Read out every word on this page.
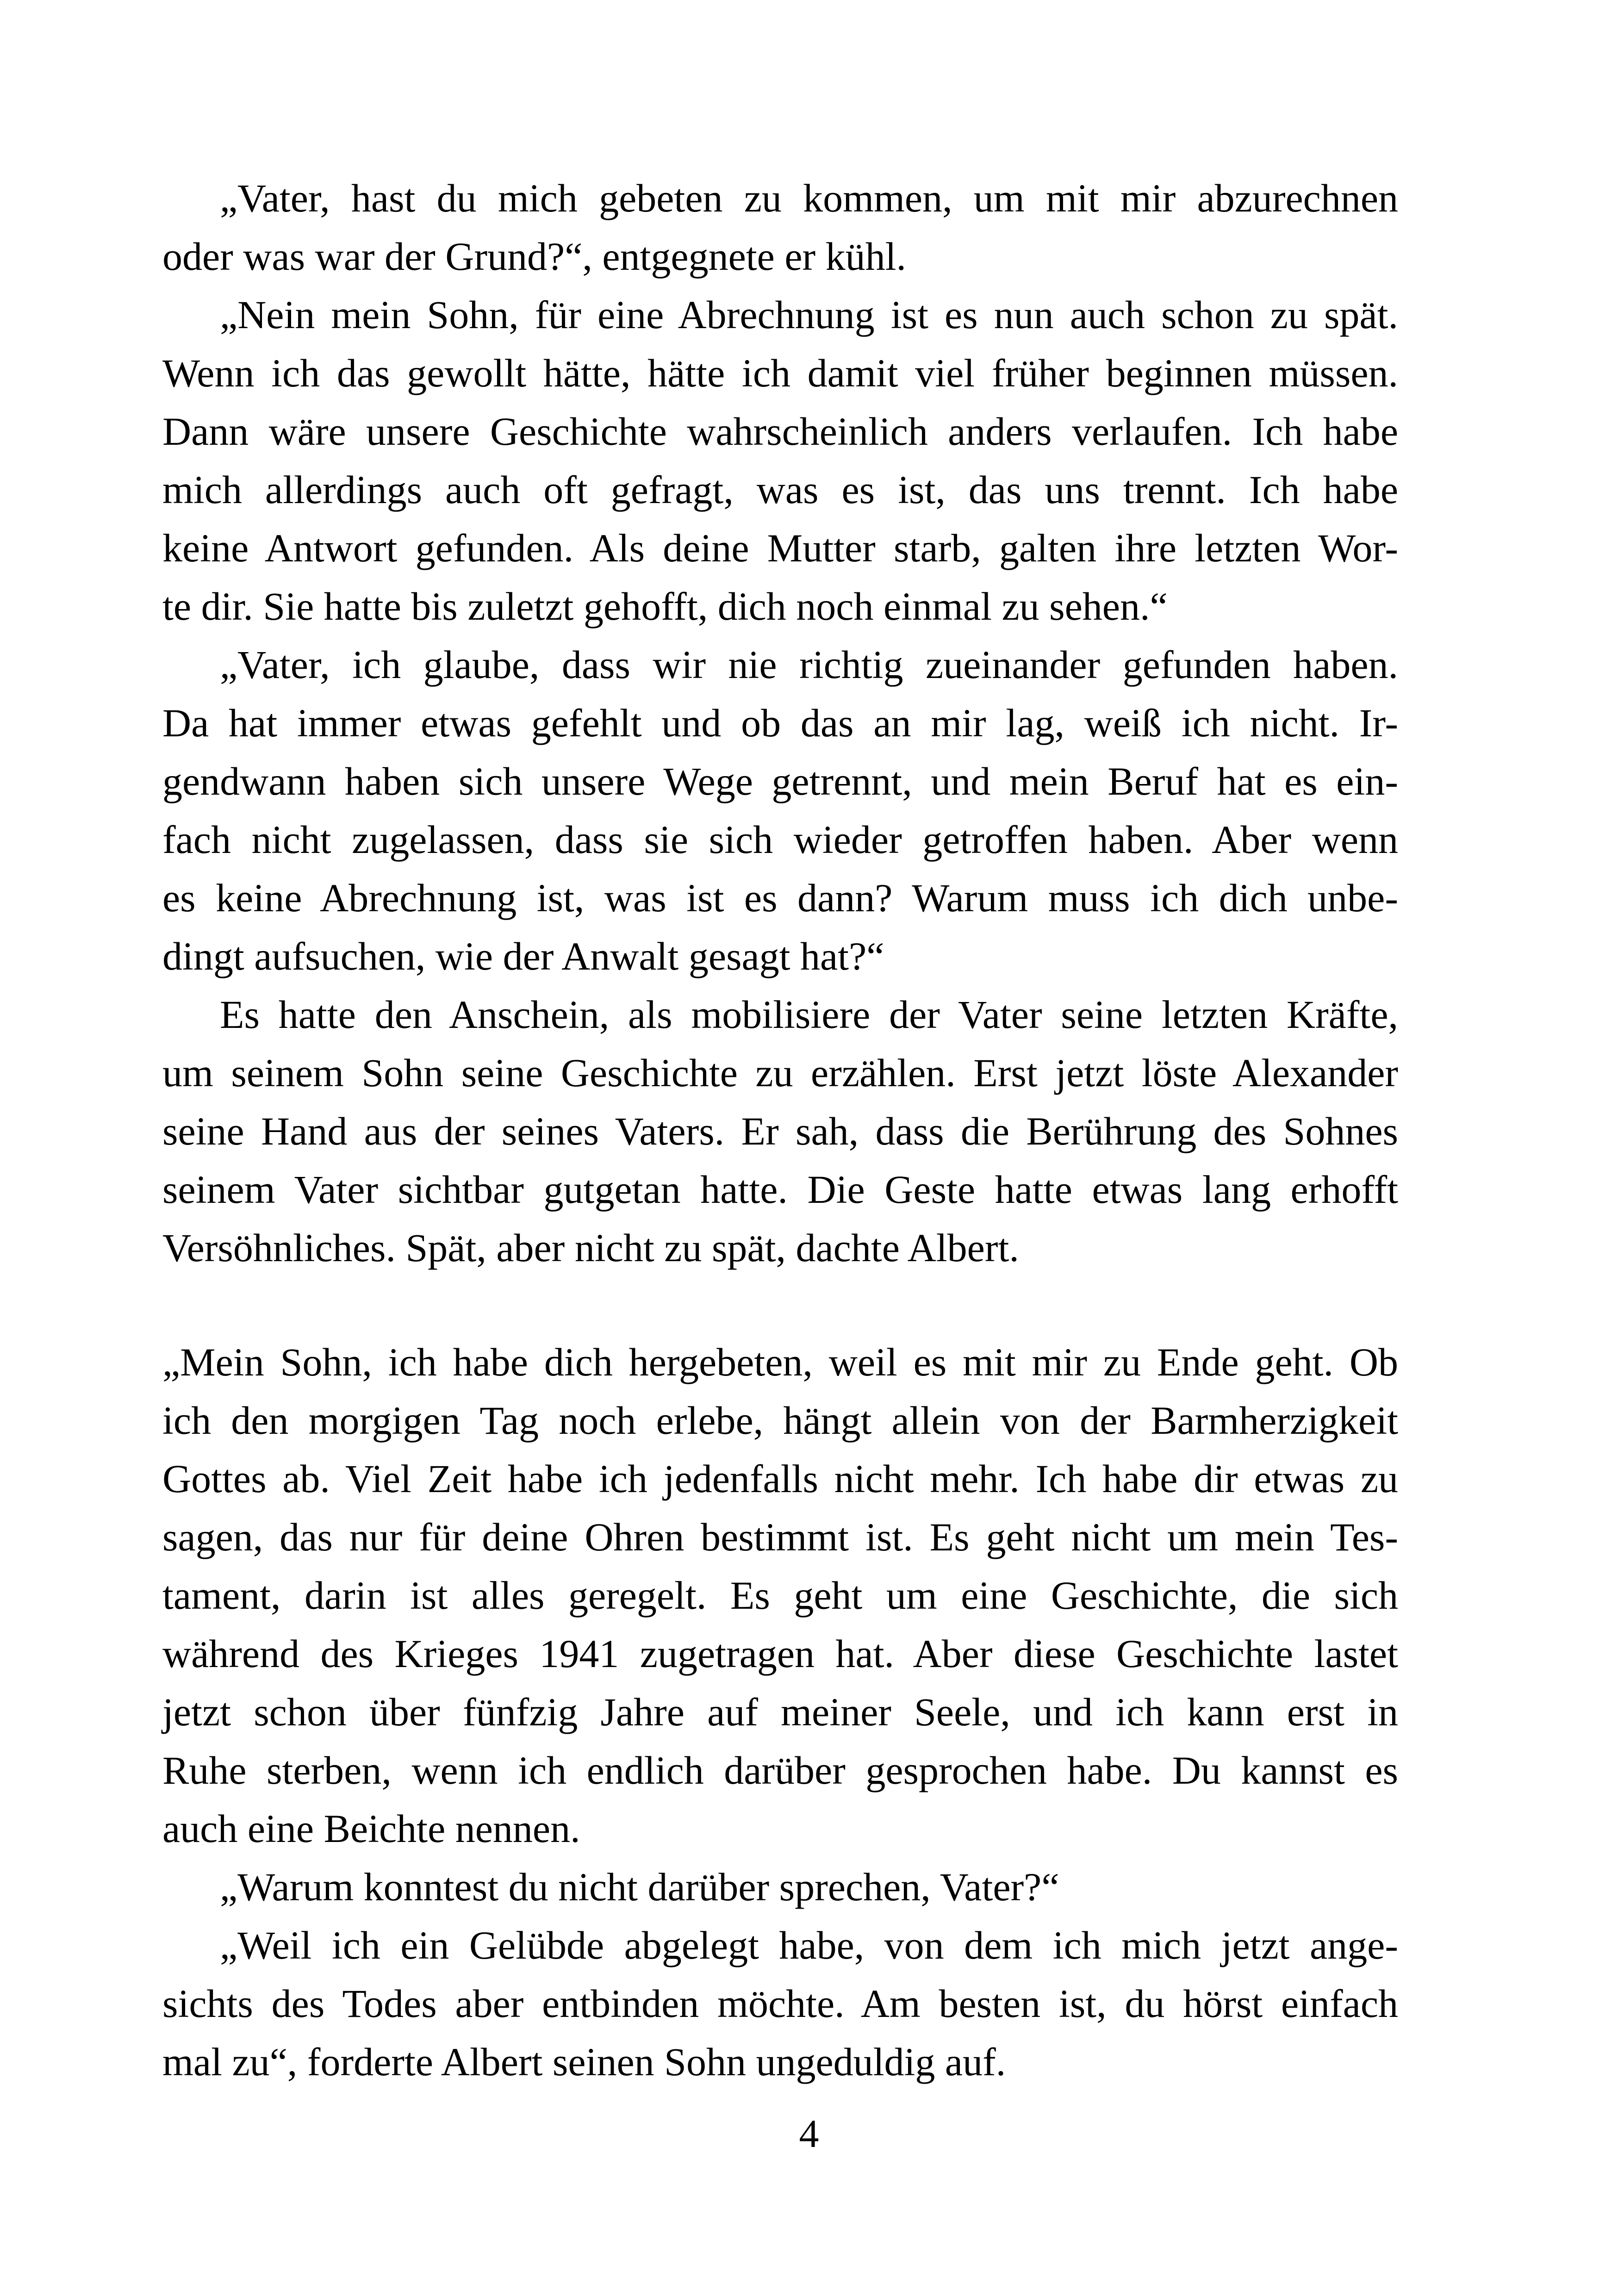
„Vater, hast du mich gebeten zu kommen, um mit mir abzurechnen
oder was war der Grund?“, entgegnete er kühl.
„Nein mein Sohn, für eine Abrechnung ist es nun auch schon zu spät.
Wenn ich das gewollt hätte, hätte ich damit viel früher beginnen müssen.
Dann wäre unsere Geschichte wahrscheinlich anders verlaufen. Ich habe
mich allerdings auch oft gefragt, was es ist, das uns trennt. Ich habe
keine Antwort gefunden. Als deine Mutter starb, galten ihre letzten Wor-
te dir. Sie hatte bis zuletzt gehofft, dich noch einmal zu sehen.“
„Vater, ich glaube, dass wir nie richtig zueinander gefunden haben.
Da hat immer etwas gefehlt und ob das an mir lag, weiß ich nicht. Ir-
gendwann haben sich unsere Wege getrennt, und mein Beruf hat es ein-
fach nicht zugelassen, dass sie sich wieder getroffen haben. Aber wenn
es keine Abrechnung ist, was ist es dann? Warum muss ich dich unbe-
dingt aufsuchen, wie der Anwalt gesagt hat?“
Es hatte den Anschein, als mobilisiere der Vater seine letzten Kräfte,
um seinem Sohn seine Geschichte zu erzählen. Erst jetzt löste Alexander
seine Hand aus der seines Vaters. Er sah, dass die Berührung des Sohnes
seinem Vater sichtbar gutgetan hatte. Die Geste hatte etwas lang erhofft
Versöhnliches. Spät, aber nicht zu spät, dachte Albert.
„Mein Sohn, ich habe dich hergebeten, weil es mit mir zu Ende geht. Ob
ich den morgigen Tag noch erlebe, hängt allein von der Barmherzigkeit
Gottes ab. Viel Zeit habe ich jedenfalls nicht mehr. Ich habe dir etwas zu
sagen, das nur für deine Ohren bestimmt ist. Es geht nicht um mein Tes-
tament, darin ist alles geregelt. Es geht um eine Geschichte, die sich
während des Krieges 1941 zugetragen hat. Aber diese Geschichte lastet
jetzt schon über fünfzig Jahre auf meiner Seele, und ich kann erst in
Ruhe sterben, wenn ich endlich darüber gesprochen habe. Du kannst es
auch eine Beichte nennen.
„Warum konntest du nicht darüber sprechen, Vater?“
„Weil ich ein Gelübde abgelegt habe, von dem ich mich jetzt ange-
sichts des Todes aber entbinden möchte. Am besten ist, du hörst einfach
mal zu“, forderte Albert seinen Sohn ungeduldig auf.
4
